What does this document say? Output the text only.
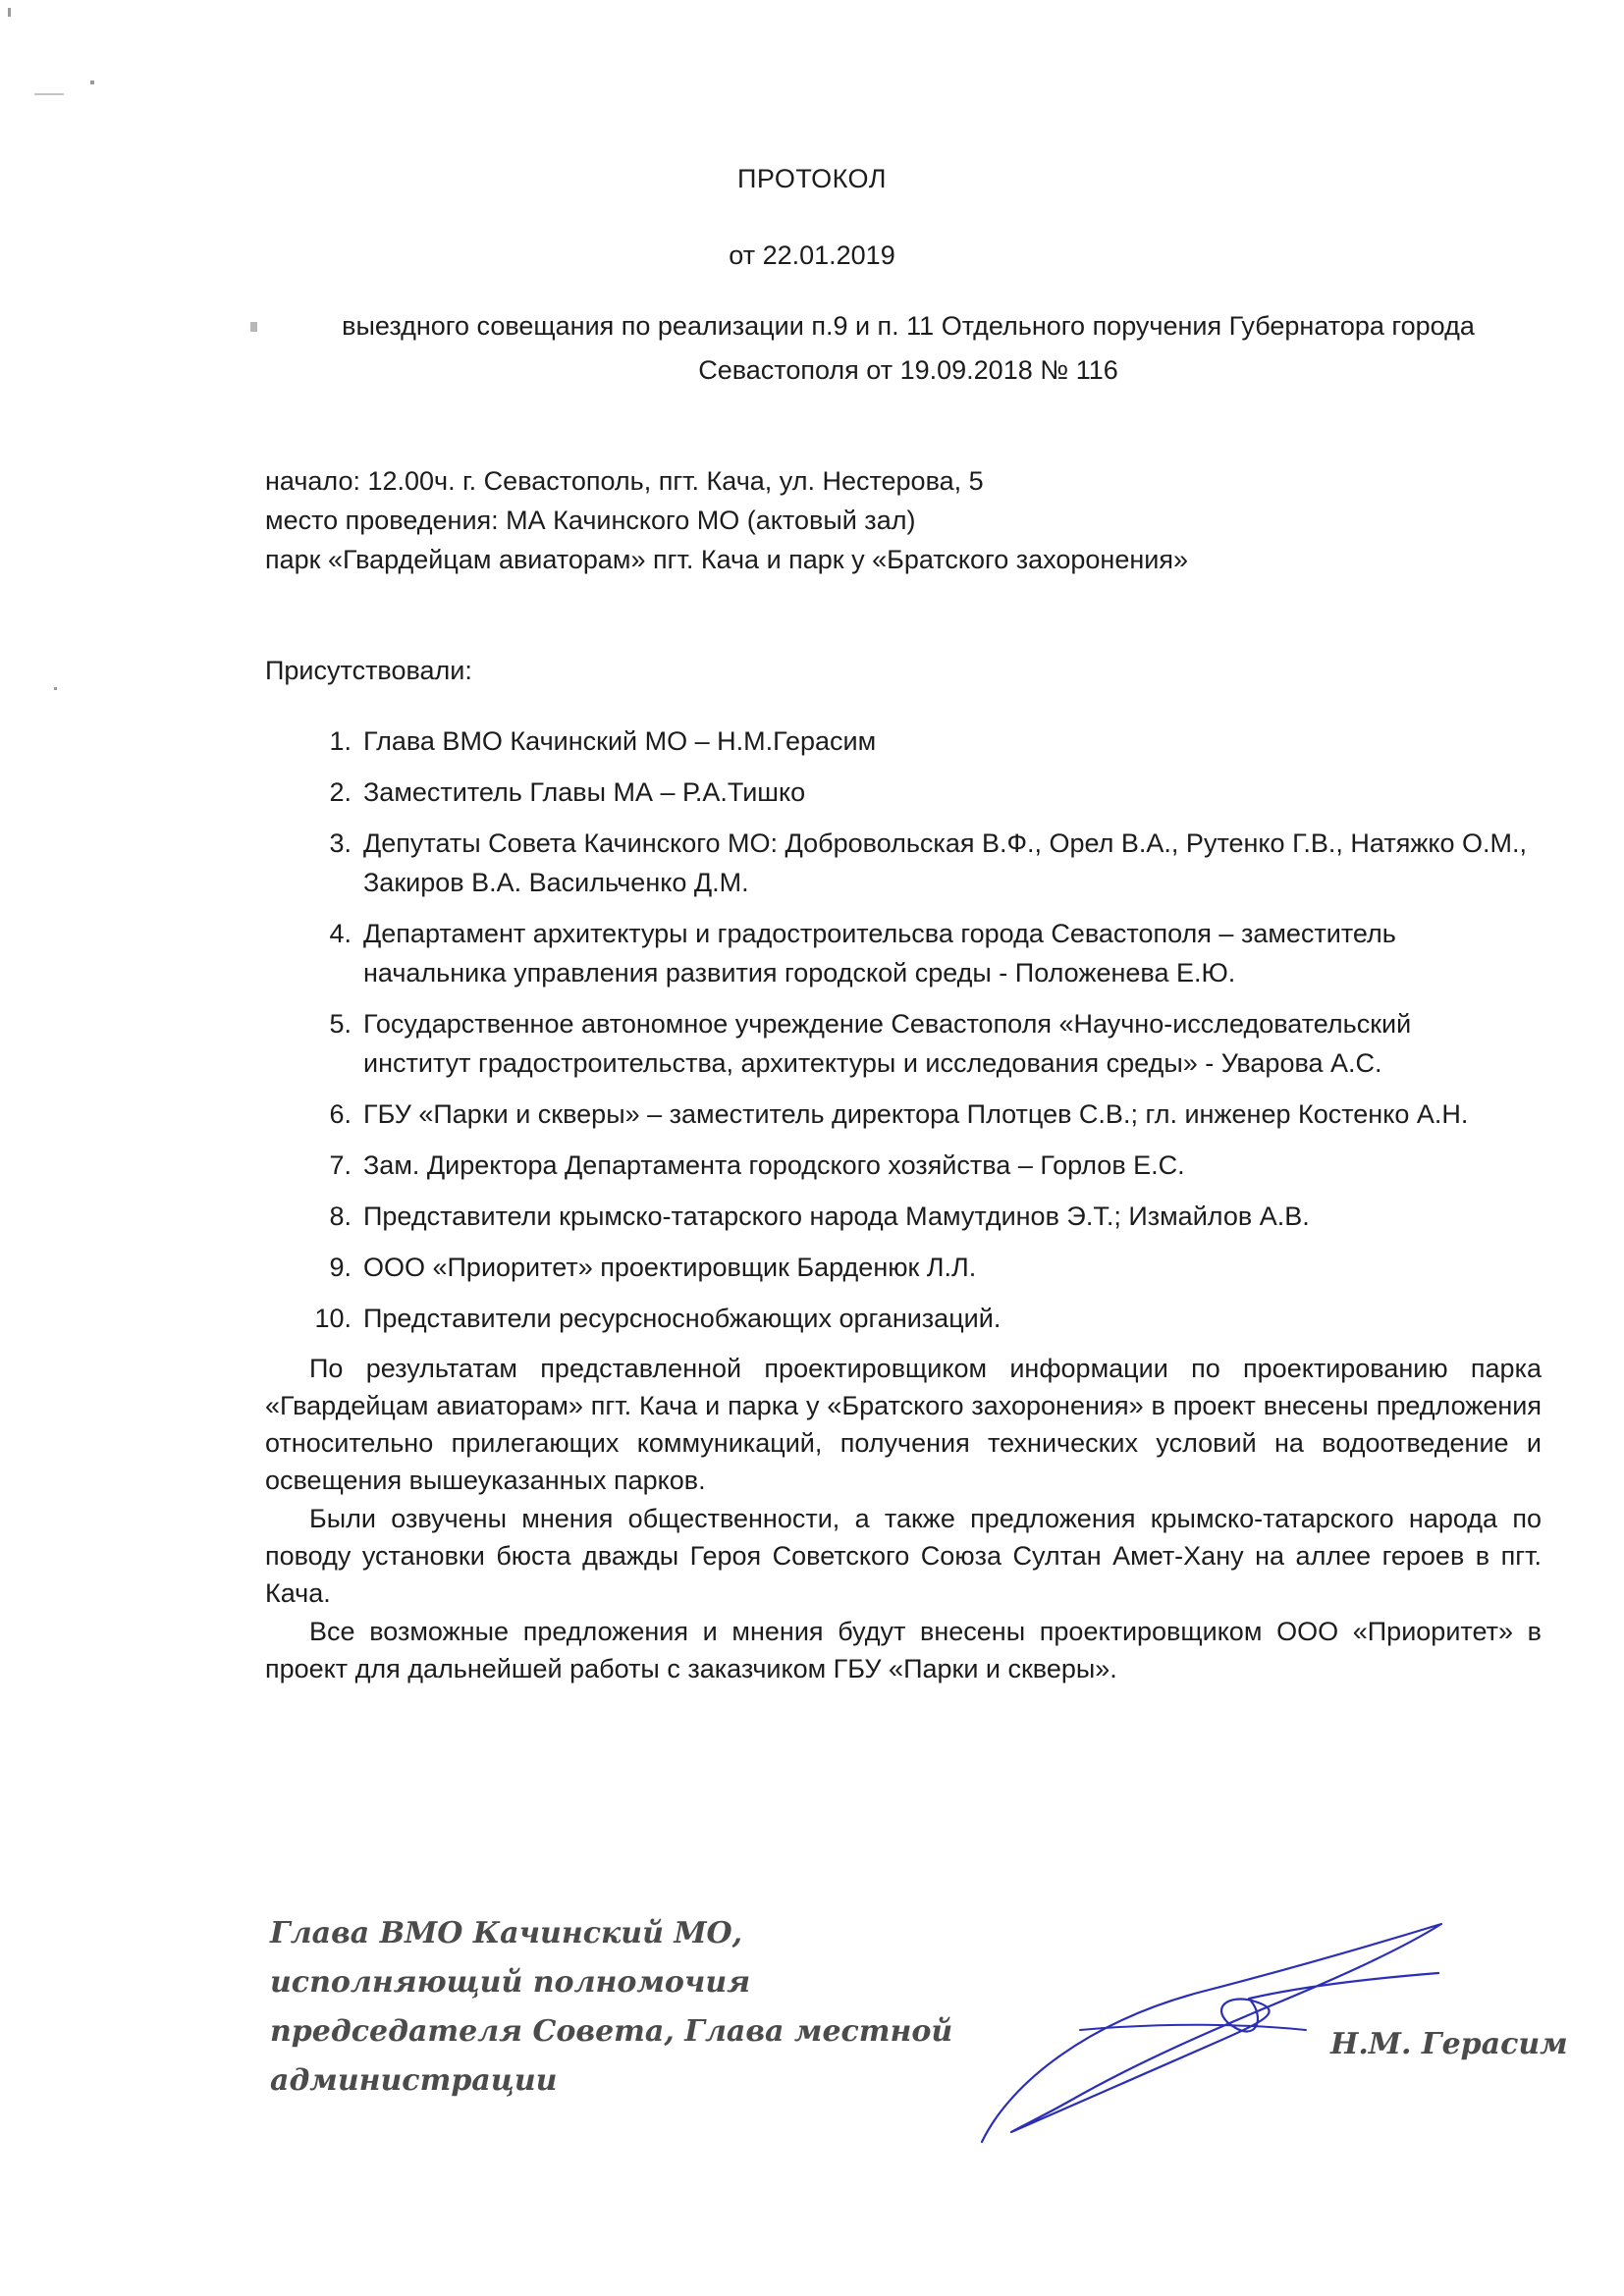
ПРОТОКОЛ
от 22.01.2019
выездного совещания по реализации п.9 и п. 11 Отдельного поручения Губернатора города
Севастополя от 19.09.2018 № 116
начало: 12.00ч. г. Севастополь, пгт. Кача, ул. Нестерова, 5
место проведения: МА Качинского МО (актовый зал)
парк «Гвардейцам авиаторам» пгт. Кача и парк у «Братского захоронения»
Присутствовали:
1. Глава ВМО Качинский МО – Н.М.Герасим
2. Заместитель Главы МА – Р.А.Тишко
3. Депутаты Совета Качинского МО: Добровольская В.Ф., Орел В.А., Рутенко Г.В., Натяжко О.М., Закиров В.А. Васильченко Д.М.
4. Департамент архитектуры и градостроительсва города Севастополя – заместитель начальника управления развития городской среды - Положенева Е.Ю.
5. Государственное автономное учреждение Севастополя «Научно-исследовательский институт градостроительства, архитектуры и исследования среды» - Уварова А.С.
6. ГБУ «Парки и скверы» – заместитель директора Плотцев С.В.; гл. инженер Костенко А.Н.
7. Зам. Директора Департамента городского хозяйства – Горлов Е.С.
8. Представители крымско-татарского народа Мамутдинов Э.Т.; Измайлов А.В.
9. ООО «Приоритет» проектировщик Барденюк Л.Л.
10. Представители ресурсноснобжающих организаций.

По результатам представленной проектировщиком информации по проектированию парка «Гвардейцам авиаторам» пгт. Кача и парка у «Братского захоронения» в проект внесены предложения относительно прилегающих коммуникаций, получения технических условий на водоотведение и освещения вышеуказанных парков.

Были озвучены мнения общественности, а также предложения крымско-татарского народа по поводу установки бюста дважды Героя Советского Союза Султан Амет-Хану на аллее героев в пгт. Кача.

Все возможные предложения и мнения будут внесены проектировщиком ООО «Приоритет» в проект для дальнейшей работы с заказчиком ГБУ «Парки и скверы».

Глава ВМО Качинский МО, исполняющий полномочия председателя Совета, Глава местной администрации
Н.М. Герасим
